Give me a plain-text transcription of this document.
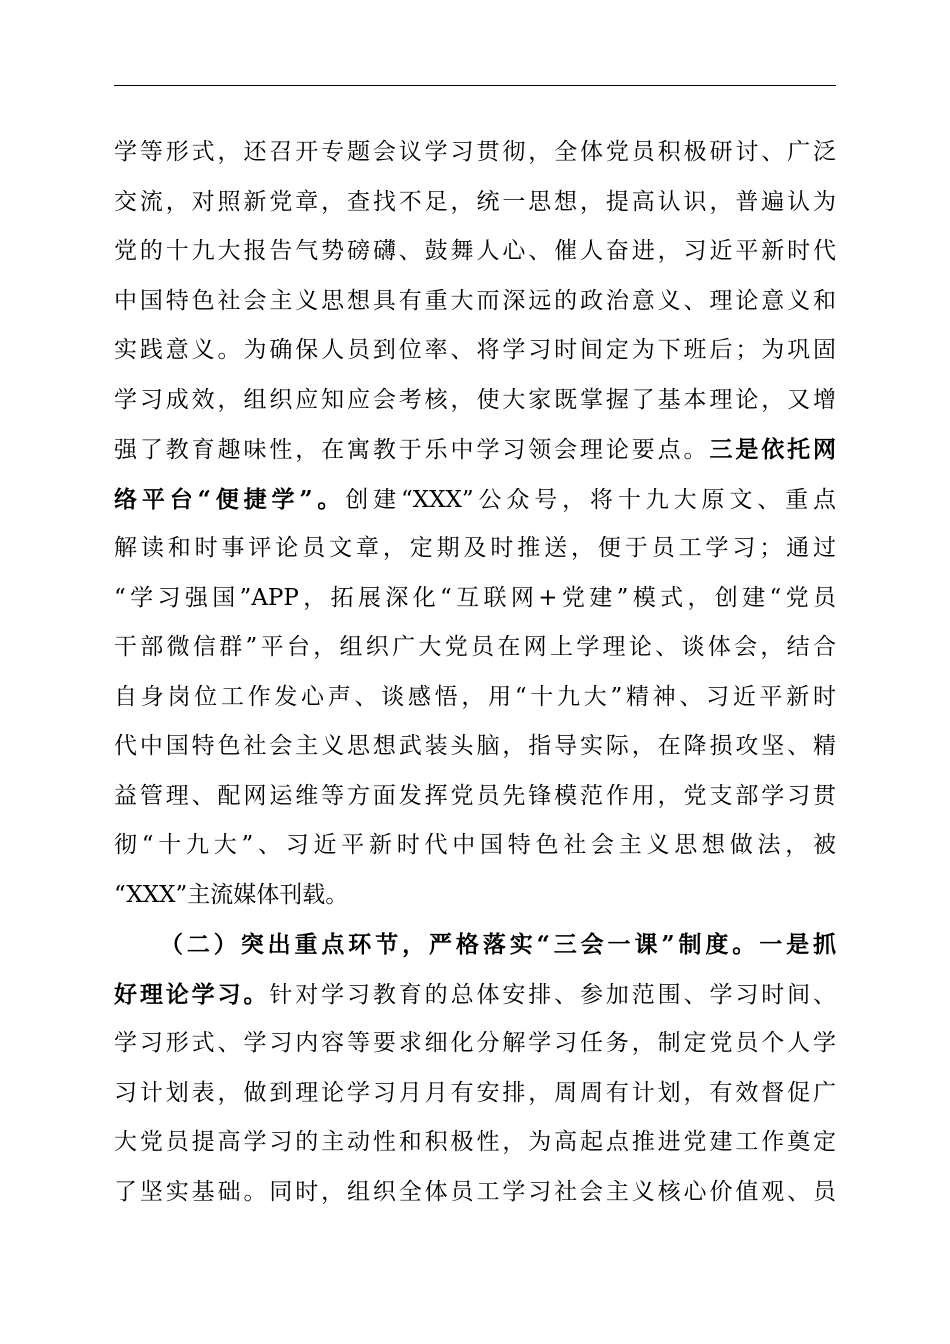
学等形式，还召开专题会议学习贯彻，全体党员积极研讨、广泛
交流，对照新党章，查找不足，统一思想，提高认识，普遍认为
党的十九大报告气势磅礴、鼓舞人心、催人奋进，习近平新时代
中国特色社会主义思想具有重大而深远的政治意义、理论意义和
实践意义。为确保人员到位率、将学习时间定为下班后；为巩固
学习成效，组织应知应会考核，使大家既掌握了基本理论，又增
强了教育趣味性，在寓教于乐中学习领会理论要点。三是依托网
络平台“便捷学”。创建“XXX”公众号，将十九大原文、重点
解读和时事评论员文章，定期及时推送，便于员工学习；通过
“学习强国”APP，拓展深化“互联网+党建”模式，创建“党员
干部微信群”平台，组织广大党员在网上学理论、谈体会，结合
自身岗位工作发心声、谈感悟，用“十九大”精神、习近平新时
代中国特色社会主义思想武装头脑，指导实际，在降损攻坚、精
益管理、配网运维等方面发挥党员先锋模范作用，党支部学习贯
彻“十九大”、习近平新时代中国特色社会主义思想做法，被
“XXX”主流媒体刊载。
（二）突出重点环节，严格落实“三会一课”制度。一是抓
好理论学习。针对学习教育的总体安排、参加范围、学习时间、
学习形式、学习内容等要求细化分解学习任务，制定党员个人学
习计划表，做到理论学习月月有安排，周周有计划，有效督促广
大党员提高学习的主动性和积极性，为高起点推进党建工作奠定
了坚实基础。同时，组织全体员工学习社会主义核心价值观、员
